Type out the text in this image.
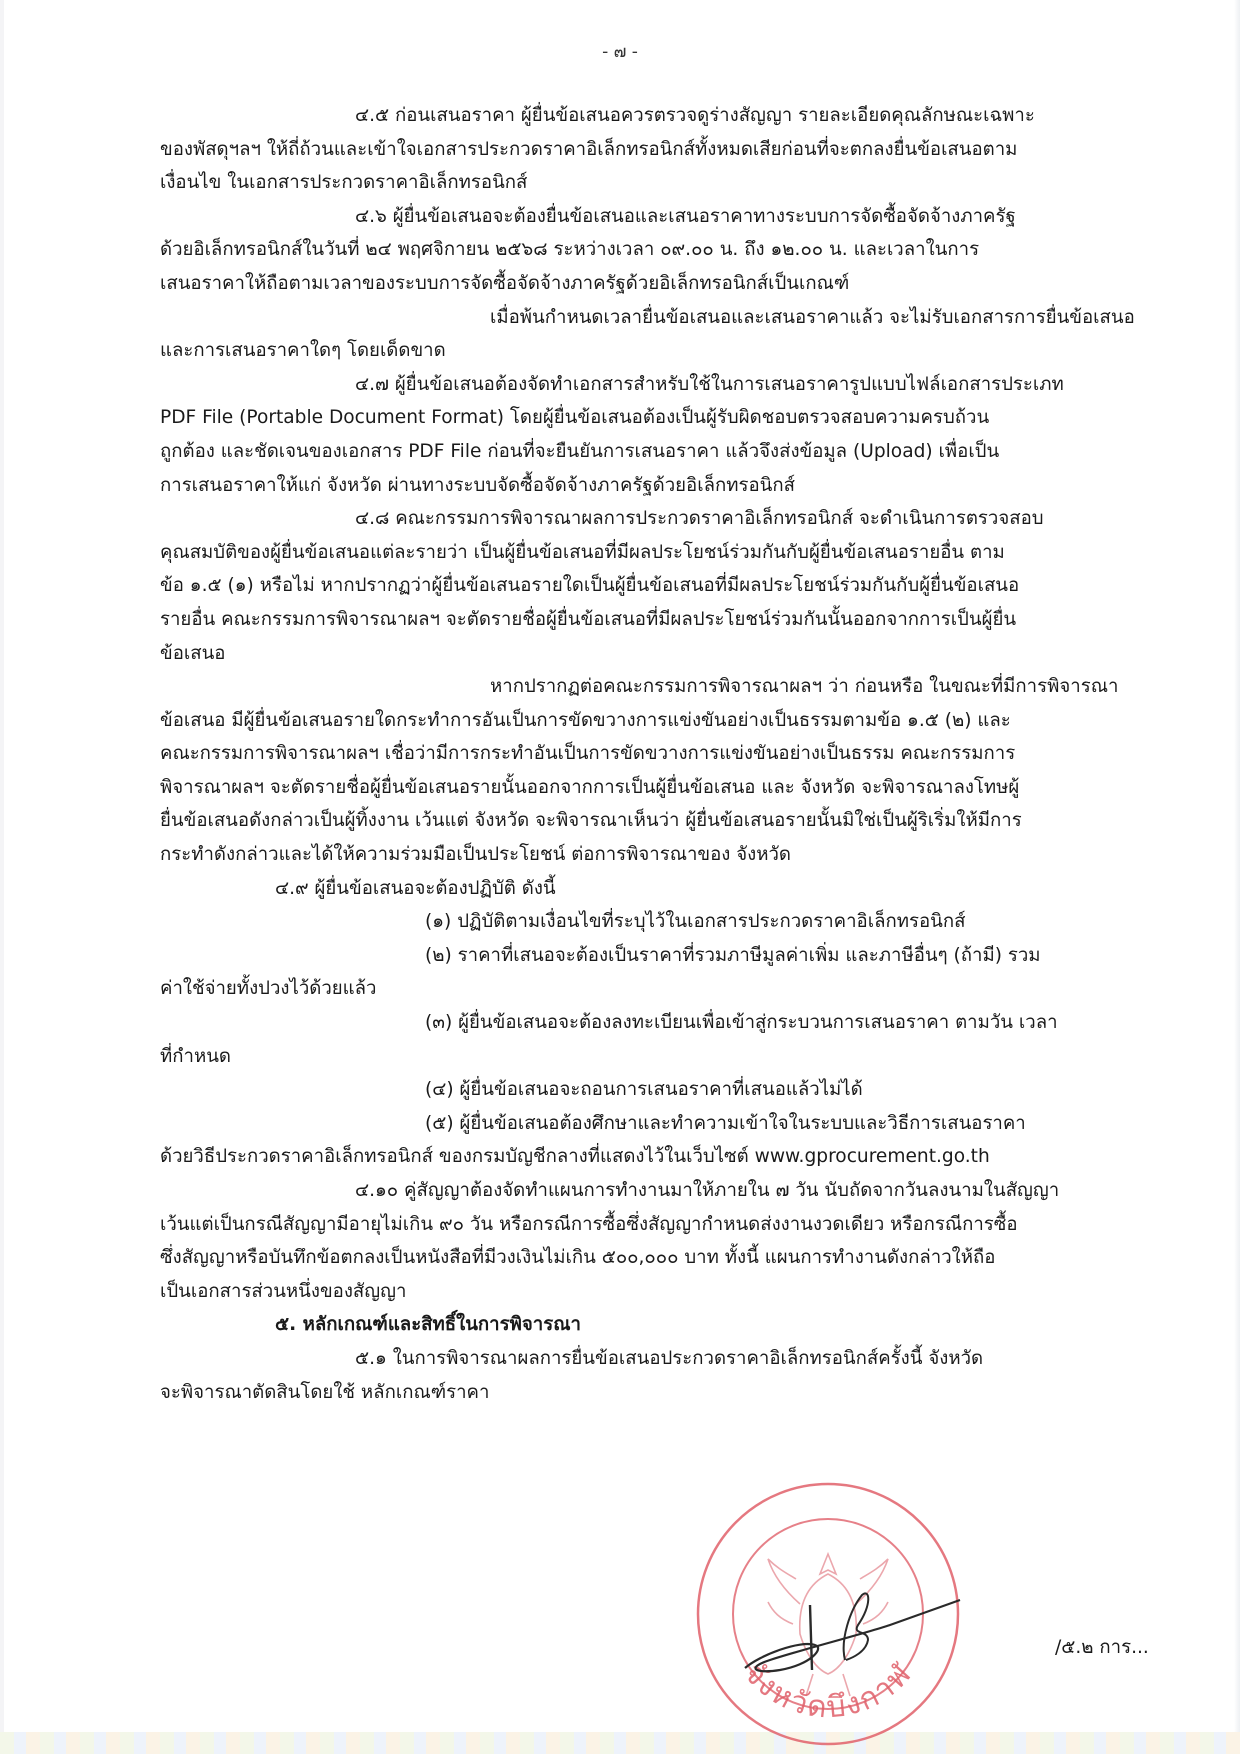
- ๗ -
๔.๕ ก่อนเสนอราคา ผู้ยื่นข้อเสนอควรตรวจดูร่างสัญญา รายละเอียดคุณลักษณะเฉพาะ
ของพัสดุฯลฯ ให้ถี่ถ้วนและเข้าใจเอกสารประกวดราคาอิเล็กทรอนิกส์ทั้งหมดเสียก่อนที่จะตกลงยื่นข้อเสนอตาม
เงื่อนไข ในเอกสารประกวดราคาอิเล็กทรอนิกส์
๔.๖ ผู้ยื่นข้อเสนอจะต้องยื่นข้อเสนอและเสนอราคาทางระบบการจัดซื้อจัดจ้างภาครัฐ
ด้วยอิเล็กทรอนิกส์ในวันที่ ๒๔ พฤศจิกายน ๒๕๖๘ ระหว่างเวลา ๐๙.๐๐ น. ถึง ๑๒.๐๐ น. และเวลาในการ
เสนอราคาให้ถือตามเวลาของระบบการจัดซื้อจัดจ้างภาครัฐด้วยอิเล็กทรอนิกส์เป็นเกณฑ์
เมื่อพ้นกำหนดเวลายื่นข้อเสนอและเสนอราคาแล้ว จะไม่รับเอกสารการยื่นข้อเสนอ
และการเสนอราคาใดๆ โดยเด็ดขาด
๔.๗ ผู้ยื่นข้อเสนอต้องจัดทำเอกสารสำหรับใช้ในการเสนอราคารูปแบบไฟล์เอกสารประเภท
PDF File (Portable Document Format) โดยผู้ยื่นข้อเสนอต้องเป็นผู้รับผิดชอบตรวจสอบความครบถ้วน
ถูกต้อง และชัดเจนของเอกสาร PDF File ก่อนที่จะยืนยันการเสนอราคา แล้วจึงส่งข้อมูล (Upload) เพื่อเป็น
การเสนอราคาให้แก่ จังหวัด ผ่านทางระบบจัดซื้อจัดจ้างภาครัฐด้วยอิเล็กทรอนิกส์
๔.๘ คณะกรรมการพิจารณาผลการประกวดราคาอิเล็กทรอนิกส์ จะดำเนินการตรวจสอบ
คุณสมบัติของผู้ยื่นข้อเสนอแต่ละรายว่า เป็นผู้ยื่นข้อเสนอที่มีผลประโยชน์ร่วมกันกับผู้ยื่นข้อเสนอรายอื่น ตาม
ข้อ ๑.๕ (๑) หรือไม่ หากปรากฏว่าผู้ยื่นข้อเสนอรายใดเป็นผู้ยื่นข้อเสนอที่มีผลประโยชน์ร่วมกันกับผู้ยื่นข้อเสนอ
รายอื่น คณะกรรมการพิจารณาผลฯ จะตัดรายชื่อผู้ยื่นข้อเสนอที่มีผลประโยชน์ร่วมกันนั้นออกจากการเป็นผู้ยื่น
ข้อเสนอ
หากปรากฏต่อคณะกรรมการพิจารณาผลฯ ว่า ก่อนหรือ ในขณะที่มีการพิจารณา
ข้อเสนอ มีผู้ยื่นข้อเสนอรายใดกระทำการอันเป็นการขัดขวางการแข่งขันอย่างเป็นธรรมตามข้อ ๑.๕ (๒) และ
คณะกรรมการพิจารณาผลฯ เชื่อว่ามีการกระทำอันเป็นการขัดขวางการแข่งขันอย่างเป็นธรรม คณะกรรมการ
พิจารณาผลฯ จะตัดรายชื่อผู้ยื่นข้อเสนอรายนั้นออกจากการเป็นผู้ยื่นข้อเสนอ และ จังหวัด จะพิจารณาลงโทษผู้
ยื่นข้อเสนอดังกล่าวเป็นผู้ทิ้งงาน เว้นแต่ จังหวัด จะพิจารณาเห็นว่า ผู้ยื่นข้อเสนอรายนั้นมิใช่เป็นผู้ริเริ่มให้มีการ
กระทำดังกล่าวและได้ให้ความร่วมมือเป็นประโยชน์ ต่อการพิจารณาของ จังหวัด
๔.๙ ผู้ยื่นข้อเสนอจะต้องปฏิบัติ ดังนี้
(๑) ปฏิบัติตามเงื่อนไขที่ระบุไว้ในเอกสารประกวดราคาอิเล็กทรอนิกส์
(๒) ราคาที่เสนอจะต้องเป็นราคาที่รวมภาษีมูลค่าเพิ่ม และภาษีอื่นๆ (ถ้ามี) รวม
ค่าใช้จ่ายทั้งปวงไว้ด้วยแล้ว
(๓) ผู้ยื่นข้อเสนอจะต้องลงทะเบียนเพื่อเข้าสู่กระบวนการเสนอราคา ตามวัน เวลา
ที่กำหนด
(๔) ผู้ยื่นข้อเสนอจะถอนการเสนอราคาที่เสนอแล้วไม่ได้
(๕) ผู้ยื่นข้อเสนอต้องศึกษาและทำความเข้าใจในระบบและวิธีการเสนอราคา
ด้วยวิธีประกวดราคาอิเล็กทรอนิกส์ ของกรมบัญชีกลางที่แสดงไว้ในเว็บไซต์ www.gprocurement.go.th
๔.๑๐ คู่สัญญาต้องจัดทำแผนการทำงานมาให้ภายใน ๗ วัน นับถัดจากวันลงนามในสัญญา
เว้นแต่เป็นกรณีสัญญามีอายุไม่เกิน ๙๐ วัน หรือกรณีการซื้อซึ่งสัญญากำหนดส่งงานงวดเดียว หรือกรณีการซื้อ
ซึ่งสัญญาหรือบันทึกข้อตกลงเป็นหนังสือที่มีวงเงินไม่เกิน ๕๐๐,๐๐๐ บาท ทั้งนี้ แผนการทำงานดังกล่าวให้ถือ
เป็นเอกสารส่วนหนึ่งของสัญญา
๕. หลักเกณฑ์และสิทธิ์ในการพิจารณา
๕.๑ ในการพิจารณาผลการยื่นข้อเสนอประกวดราคาอิเล็กทรอนิกส์ครั้งนี้ จังหวัด
จะพิจารณาตัดสินโดยใช้ หลักเกณฑ์ราคา
จังหวัดบึงกาฬ
/๕.๒ การ...
